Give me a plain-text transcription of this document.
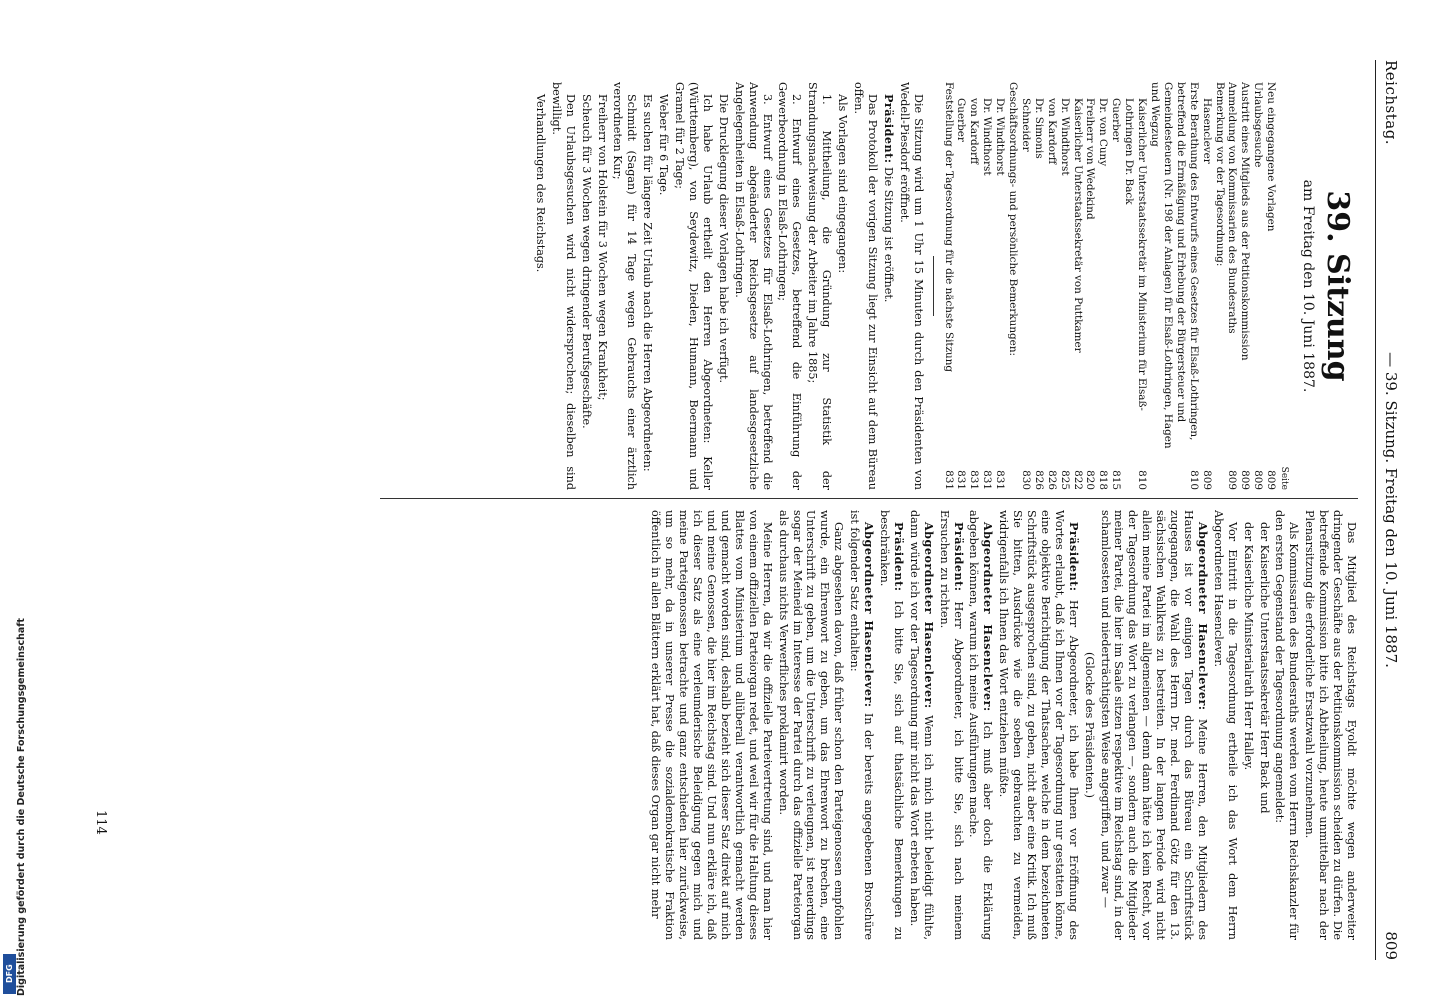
Reichstag.
— 39. Sitzung. Freitag den 10. Juni 1887.
809
39. Sitzung
am Freitag den 10. Juni 1887.
	Seite
Neu eingegangene Vorlagen	809
Urlaubsgesuche	809
Austritt eines Mitglieds aus der Petitionskommission	809
Anmeldung von Kommissarien des Bundesraths	809
Bemerkung vor der Tagesordnung:	
Hasenclever	809
Erste Berathung des Entwurfs eines Gesetzes für Elsaß-Lothringen, betreffend die Ermäßigung und Erhebung der Bürgersteuer und Gemeindesteuern (Nr. 198 der Anlagen) für Elsaß-Lothringen, Hagen und Wegzug	810
Kaiserlicher Unterstaatssekretär im Ministerium für Elsaß-Lothringen Dr. Back	810
Guerber	815
Dr. von Cuny	818
Freiherr von Wedekind	820
Kaiserlicher Unterstaatssekretär von Puttkamer	822
Dr. Windthorst	825
von Kardorff	826
Dr. Simonis	826
Schneider	830
Geschäftsordnungs- und persönliche Bemerkungen:	
Dr. Windthorst	831
Dr. Windthorst	831
von Kardorff	831
Guerber	831
Feststellung der Tagesordnung für die nächste Sitzung	831

Die Sitzung wird um 1 Uhr 15 Minuten durch den Präsidenten von Wedell-Piesdorf eröffnet.

Präsident: Die Sitzung ist eröffnet.

Das Protokoll der vorigen Sitzung liegt zur Einsicht auf dem Büreau offen.

Als Vorlagen sind eingegangen:

1. Mittheilung, die Gründung zur Statistik der Strandungsnachweisung der Arbeiter im Jahre 1885;

2. Entwurf eines Gesetzes, betreffend die Einführung der Gewerbeordnung in Elsaß-Lothringen;

3. Entwurf eines Gesetzes für Elsaß-Lothringen, betreffend die Anwendung abgeänderter Reichsgesetze auf landesgesetzliche Angelegenheiten in Elsaß-Lothringen.

Die Drucklegung dieser Vorlagen habe ich verfügt.

Ich habe Urlaub ertheilt den Herren Abgeordneten: Keller (Württemberg), von Seydewitz, Dieden, Humann, Boermann und Gramel für 2 Tage;

Weber für 6 Tage.

Es suchen für längere Zeit Urlaub nach die Herren Abgeordneten:

Schmidt (Sagan) für 14 Tage wegen Gebrauchs einer ärztlich verordneten Kur;

Freiherr von Holstein für 3 Wochen wegen Krankheit;

Scheuch für 3 Wochen wegen dringender Berufsgeschäfte.

Den Urlaubsgesuchen wird nicht widersprochen; dieselben sind bewilligt.

Verhandlungen des Reichstags.

Das Mitglied des Reichstags Eyoldt möchte wegen anderweiter dringender Geschäfte aus der Petitionskommission scheiden zu dürfen. Die betreffende Kommission bitte ich Abtheilung, heute unmittelbar nach der Plenarsitzung die erforderliche Ersatzwahl vorzunehmen.

Als Kommissarien des Bundesraths werden vom Herrn Reichskanzler für den ersten Gegenstand der Tagesordnung angemeldet:

der Kaiserliche Unterstaatssekretär Herr Back und

der Kaiserliche Ministerialrath Herr Halley.

Vor Eintritt in die Tagesordnung ertheile ich das Wort dem Herrn Abgeordneten Hasenclever.

Abgeordneter Hasenclever: Meine Herren, den Mitgliedern des Hauses ist vor einigen Tagen durch das Büreau ein Schriftstück zugegangen, die Wahl des Herrn Dr. med. Ferdinand Götz für den 13. sächsischen Wahlkreis zu bestreiten. In der langen Periode wird nicht allein meine Partei im allgemeinen — denn dann hätte ich kein Recht, vor der Tagesordnung das Wort zu verlangen —, sondern auch die Mitglieder meiner Partei, die hier im Saale sitzen respektive im Reichstag sind, in der schamlosesten und niederträchtigsten Weise angegriffen, und zwar —

(Glocke des Präsidenten.)

Präsident: Herr Abgeordneter, ich habe Ihnen vor Eröffnung des Wortes erlaubt, daß ich Ihnen vor der Tagesordnung nur gestatten könne, eine objektive Berichtigung der Thatsachen, welche in dem bezeichneten Schriftstück ausgesprochen sind, zu geben, nicht aber eine Kritik. Ich muß Sie bitten, Ausdrücke wie die soeben gebrauchten zu vermeiden, widrigenfalls ich Ihnen das Wort entziehen müßte.

Abgeordneter Hasenclever: Ich muß aber doch die Erklärung abgeben können, warum ich meine Ausführungen mache.

Präsident: Herr Abgeordneter, ich bitte Sie, sich nach meinem Ersuchen zu richten.

Abgeordneter Hasenclever: Wenn ich mich nicht beleidigt fühlte, dann würde ich vor der Tagesordnung mir nicht das Wort erbeten haben.

Präsident: Ich bitte Sie, sich auf thatsächliche Bemerkungen zu beschränken.

Abgeordneter Hasenclever: In der bereits angegebenen Broschüre ist folgender Satz enthalten:

Ganz abgesehen davon, daß früher schon den Parteigenossen empfohlen wurde, ein Ehrenwort zu geben, um das Ehrenwort zu brechen, eine Unterschrift zu geben, um die Unterschrift zu verleugnen, ist neuerdings sogar der Meineid im Interesse der Partei durch das offizielle Parteiorgan als durchaus nichts Verwerfliches proklamirt worden.

Meine Herren, da wir die offizielle Parteivertretung sind, und man hier von einem offiziellen Parteiorgan redet, und weil wir für die Haltung dieses Blattes vom Ministerium und allüberall verantwortlich gemacht werden und gemacht worden sind, deshalb bezieht sich dieser Satz direkt auf mich und meine Genossen, die hier im Reichstag sind. Und nun erkläre ich, daß ich dieser Satz als eine verleumderische Beleidigung gegen mich und meine Parteigenossen betrachte und ganz entschieden hier zurückweise, um so mehr, da in unserer Presse die sozialdemokratische Fraktion öffentlich in allen Blättern erklärt hat, daß dieses Organ gar nicht mehr

114
Digitalisierung gefördert durch die Deutsche Forschungsgemeinschaft
DFG
